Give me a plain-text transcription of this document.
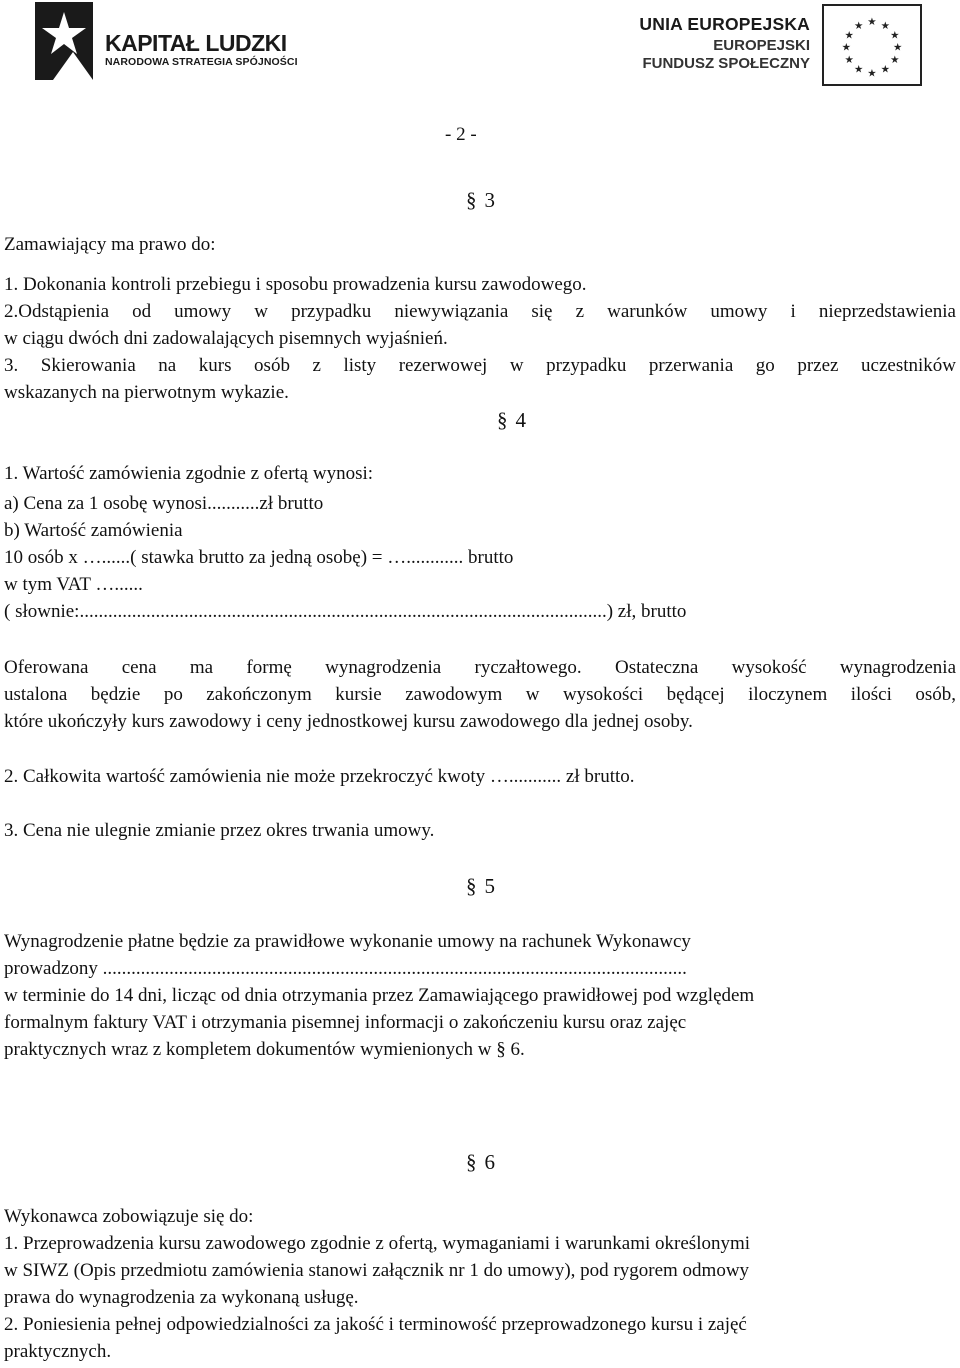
KAPITAŁ LUDZKI
NARODOWA STRATEGIA SPÓJNOŚCI
UNIA EUROPEJSKA
EUROPEJSKI
FUNDUSZ SPOŁECZNY
★ ★
★
★
★
★
★
★
★
★
★
★
- 2 -
§ 3
Zamawiający ma prawo do:
1. Dokonania kontroli przebiegu i sposobu prowadzenia kursu zawodowego.
2.Odstąpienia od umowy w przypadku niewywiązania się z warunków umowy i nieprzedstawienia
w ciągu dwóch dni zadowalających pisemnych wyjaśnień.
3. Skierowania na kurs osób z listy rezerwowej w przypadku przerwania go przez uczestników
wskazanych na pierwotnym wykazie.
§ 4
1. Wartość zamówienia zgodnie z ofertą wynosi:
a) Cena za 1 osobę wynosi...........zł brutto
b) Wartość zamówienia
10 osób x …......( stawka brutto za jedną osobę) = …............ brutto
w tym VAT …......
( słownie:...............................................................................................................) zł, brutto
Oferowana cena ma formę wynagrodzenia ryczałtowego. Ostateczna wysokość wynagrodzenia
ustalona będzie po zakończonym kursie zawodowym w wysokości będącej iloczynem ilości osób,
które ukończyły kurs zawodowy i ceny jednostkowej kursu zawodowego dla jednej osoby.
2. Całkowita wartość zamówienia nie może przekroczyć kwoty …........... zł brutto.
3. Cena nie ulegnie zmianie przez okres trwania umowy.
§ 5
Wynagrodzenie płatne będzie za prawidłowe wykonanie umowy na rachunek Wykonawcy
prowadzony ...........................................................................................................................
w terminie do 14 dni, licząc od dnia otrzymania przez Zamawiającego prawidłowej pod względem
formalnym faktury VAT i otrzymania pisemnej informacji o zakończeniu kursu oraz zajęc
praktycznych wraz z kompletem dokumentów wymienionych w § 6.
§ 6
Wykonawca zobowiązuje się do:
1. Przeprowadzenia kursu zawodowego zgodnie z ofertą, wymaganiami i warunkami określonymi
w SIWZ (Opis przedmiotu zamówienia stanowi załącznik nr 1 do umowy), pod rygorem odmowy
prawa do wynagrodzenia za wykonaną usługę.
2. Poniesienia pełnej odpowiedzialności za jakość i terminowość przeprowadzonego kursu i zajęć
praktycznych.
